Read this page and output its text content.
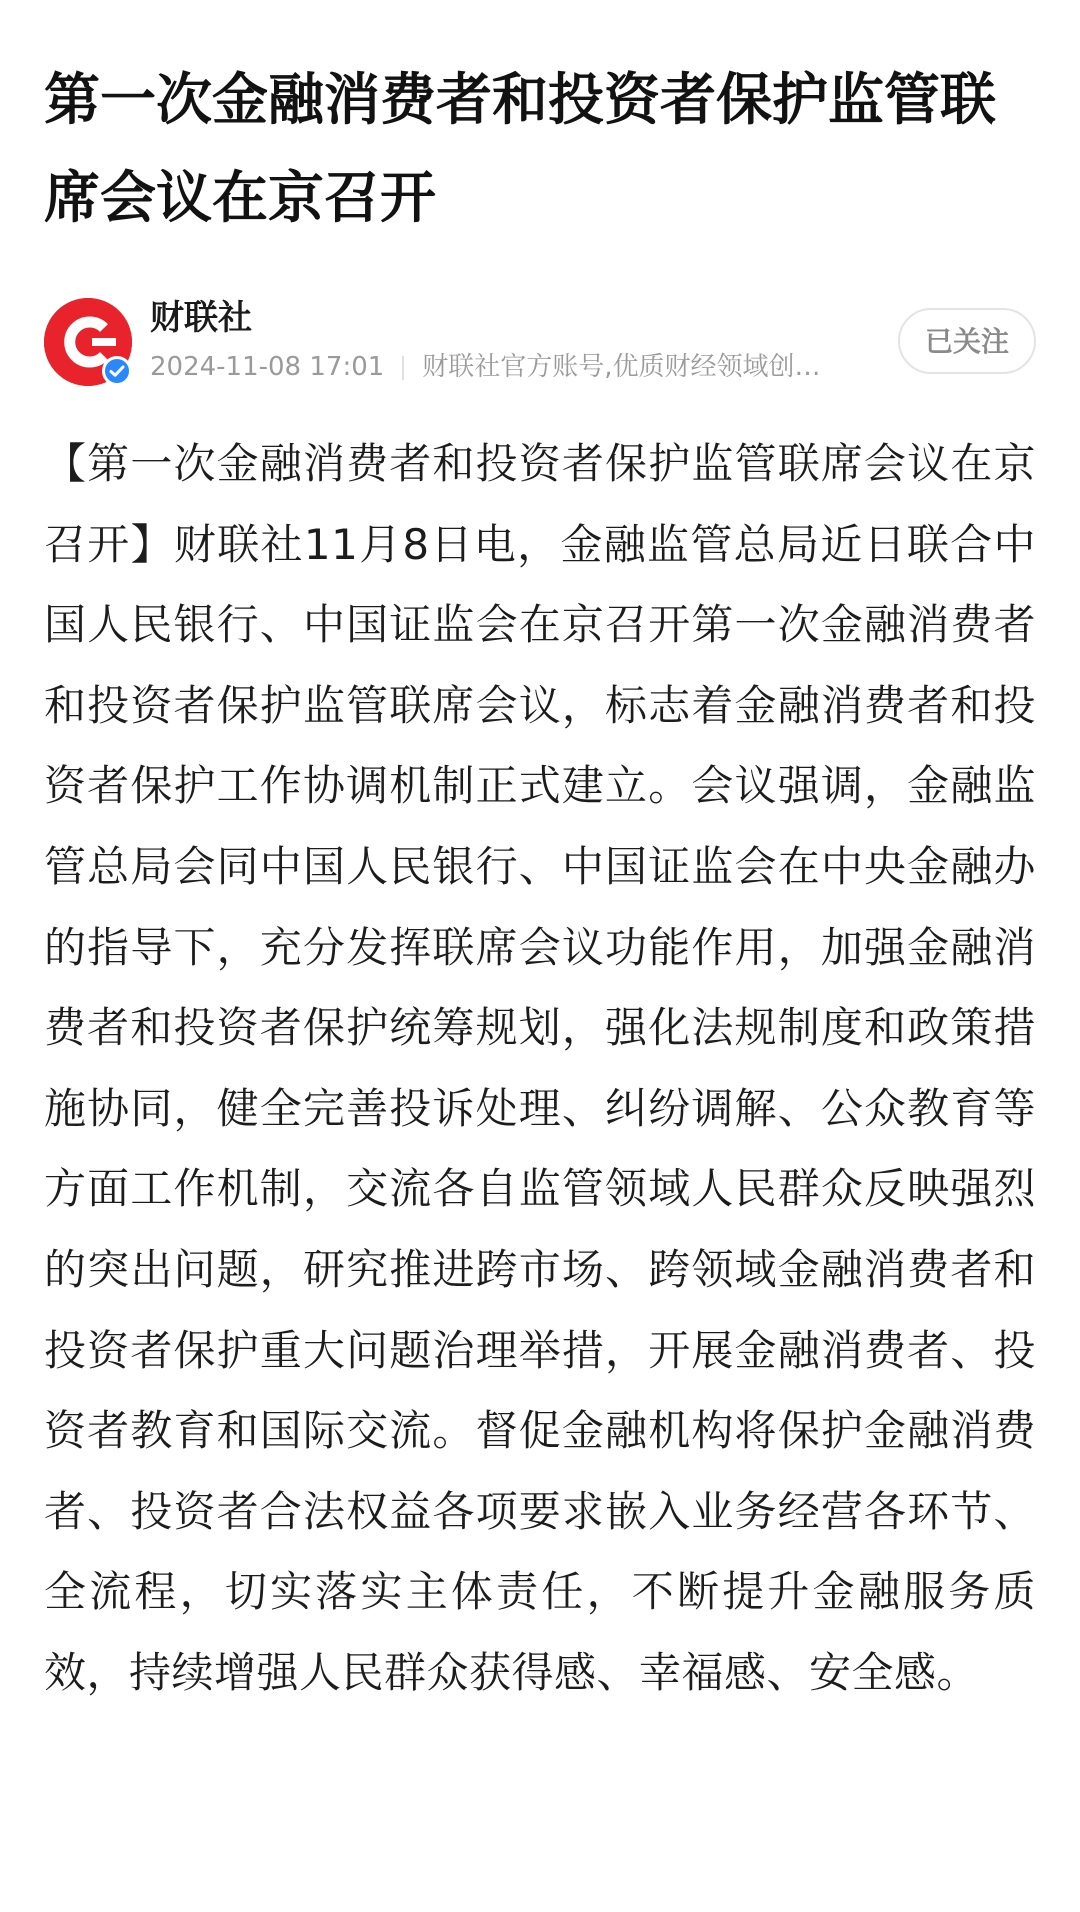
第一次金融消费者和投资者保护监管联席会议在京召开
财联社
2024-11-08 17:01 财联社官方账号,优质财经领域创…
已关注

【第一次金融消费者和投资者保护监管联席会议在京召开】财联社11月8日电，金融监管总局近日联合中国人民银行、中国证监会在京召开第一次金融消费者和投资者保护监管联席会议，标志着金融消费者和投资者保护工作协调机制正式建立。会议强调，金融监管总局会同中国人民银行、中国证监会在中央金融办的指导下，充分发挥联席会议功能作用，加强金融消费者和投资者保护统筹规划，强化法规制度和政策措施协同，健全完善投诉处理、纠纷调解、公众教育等方面工作机制，交流各自监管领域人民群众反映强烈的突出问题，研究推进跨市场、跨领域金融消费者和投资者保护重大问题治理举措，开展金融消费者、投资者教育和国际交流。督促金融机构将保护金融消费者、投资者合法权益各项要求嵌入业务经营各环节、全流程，切实落实主体责任，不断提升金融服务质效，持续增强人民群众获得感、幸福感、安全感。
